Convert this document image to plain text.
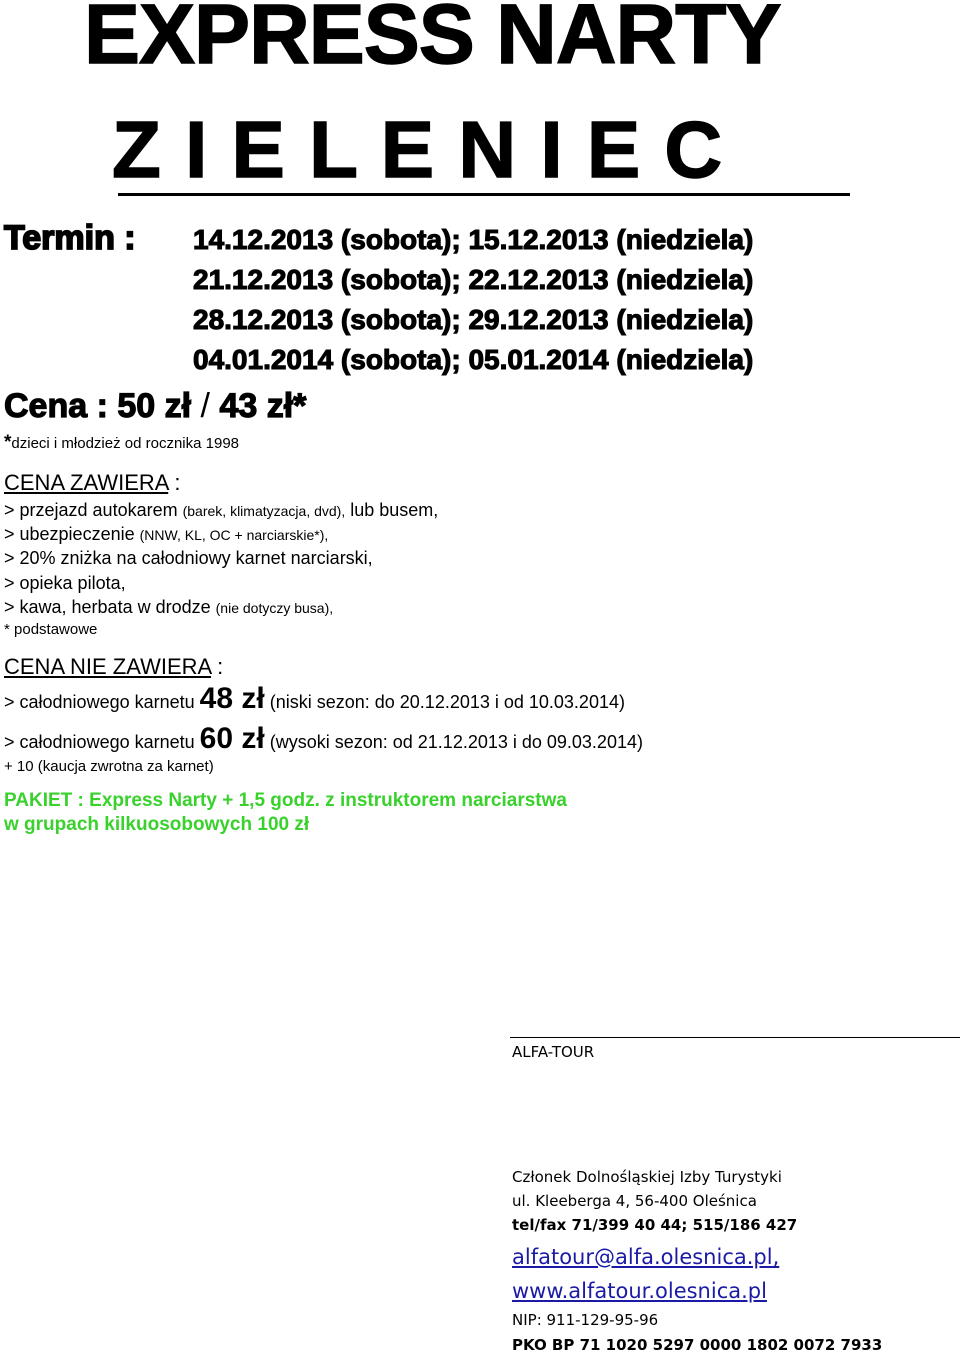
EXPRESS NARTY
Z I E L E N I E C
Termin : 14.12.2013 (sobota); 15.12.2013 (niedziela)
21.12.2013 (sobota); 22.12.2013 (niedziela)
28.12.2013 (sobota); 29.12.2013 (niedziela)
04.01.2014 (sobota); 05.01.2014 (niedziela)
Cena : 50 zł / 43 zł*
*dzieci i młodzież od rocznika 1998
CENA ZAWIERA :
> przejazd autokarem (barek, klimatyzacja, dvd), lub busem,
> ubezpieczenie (NNW, KL, OC + narciarskie*),
> 20% zniżka na całodniowy karnet narciarski,
> opieka pilota,
> kawa, herbata w drodze (nie dotyczy busa),
* podstawowe
CENA NIE ZAWIERA :
> całodniowego karnetu 48 zł (niski sezon: do 20.12.2013 i od 10.03.2014)
> całodniowego karnetu 60 zł (wysoki sezon: od 21.12.2013 i do 09.03.2014)
+ 10 (kaucja zwrotna za karnet)
PAKIET : Express Narty + 1,5 godz. z instruktorem narciarstwa
w grupach kilkuosobowych 100 zł
ALFA-TOUR
Członek Dolnośląskiej Izby Turystyki
ul. Kleeberga 4, 56-400 Oleśnica
tel/fax 71/399 40 44; 515/186 427
alfatour@alfa.olesnica.pl,
www.alfatour.olesnica.pl
NIP: 911-129-95-96
PKO BP 71 1020 5297 0000 1802 0072 7933
